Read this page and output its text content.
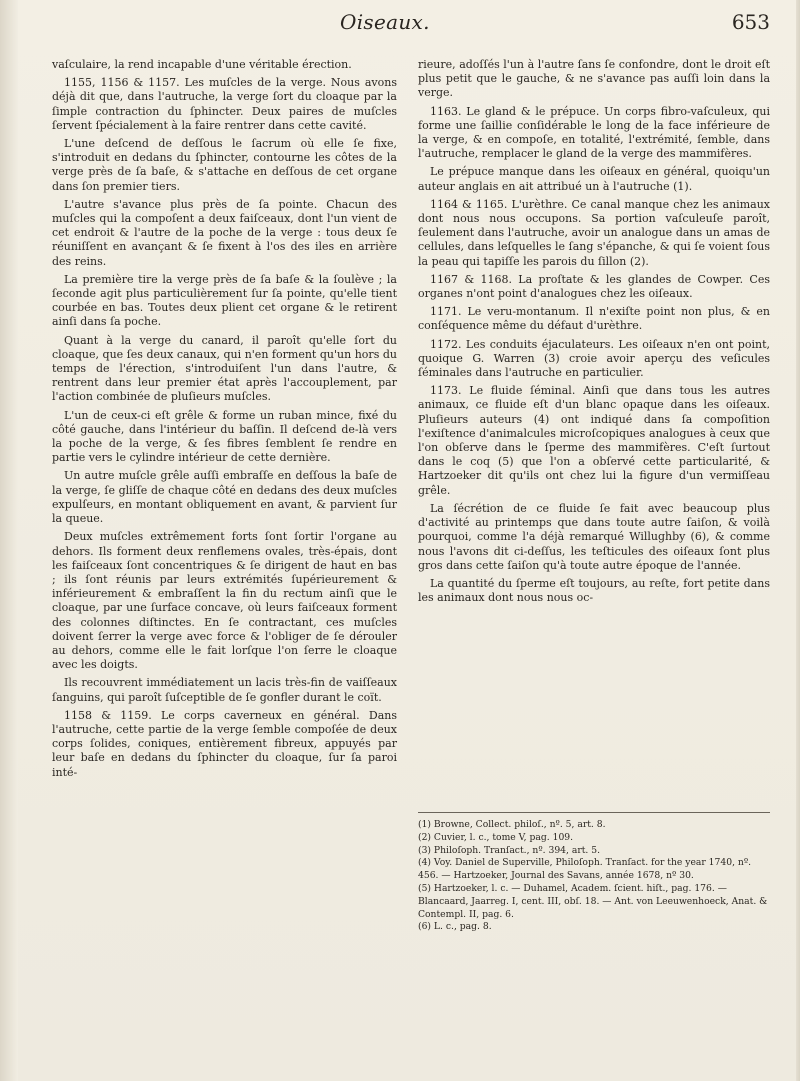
Oiseaux.	653

vaſculaire, la rend incapable d'une véritable érection.

1155, 1156 & 1157. Les muſcles de la verge. Nous avons déjà dit que, dans l'autruche, la verge ſort du cloaque par la ſimple contraction du ſphincter. Deux paires de muſcles ſervent ſpécialement à la faire rentrer dans cette cavité.

L'une deſcend de deſſous le ſacrum où elle ſe fixe, s'introduit en dedans du ſphincter, contourne les côtes de la verge près de ſa baſe, & s'attache en deſſous de cet organe dans ſon premier tiers.

L'autre s'avance plus près de ſa pointe. Chacun des muſcles qui la compoſent a deux faiſceaux, dont l'un vient de cet endroit & l'autre de la poche de la verge : tous deux ſe réuniſſent en avançant & ſe fixent à l'os des iles en arrière des reins.

La première tire la verge près de ſa baſe & la ſoulève ; la ſeconde agit plus particulièrement ſur ſa pointe, qu'elle tient courbée en bas. Toutes deux plient cet organe & le retirent ainſi dans ſa poche.

Quant à la verge du canard, il paroît qu'elle ſort du cloaque, que ſes deux canaux, qui n'en forment qu'un hors du temps de l'érection, s'introduiſent l'un dans l'autre, & rentrent dans leur premier état après l'accouplement, par l'action combinée de pluſieurs muſcles.

L'un de ceux-ci eſt grêle & forme un ruban mince, fixé du côté gauche, dans l'intérieur du baſſin. Il deſcend de-là vers la poche de la verge, & ſes fibres ſemblent ſe rendre en partie vers le cylindre intérieur de cette dernière.

Un autre muſcle grêle auſſi embraſſe en deſſous la baſe de la verge, ſe gliſſe de chaque côté en dedans des deux muſcles expulſeurs, en montant obliquement en avant, & parvient ſur la queue.

Deux muſcles extrêmement forts ſont ſortir l'organe au dehors. Ils forment deux renflemens ovales, très-épais, dont les faiſceaux ſont concentriques & ſe dirigent de haut en bas ; ils ſont réunis par leurs extrémités ſupérieurement & inférieurement & embraſſent la fin du rectum ainſi que le cloaque, par une ſurface concave, où leurs faiſceaux forment des colonnes diſtinctes. En ſe contractant, ces muſcles doivent ſerrer la verge avec force & l'obliger de ſe dérouler au dehors, comme elle le fait lorſque l'on ſerre le cloaque avec les doigts.

Ils recouvrent immédiatement un lacis très-fin de vaiſſeaux ſanguins, qui paroît ſuſceptible de ſe gonfler durant le coït.

1158 & 1159. Le corps caverneux en général. Dans l'autruche, cette partie de la verge ſemble compoſée de deux corps ſolides, coniques, entièrement fibreux, appuyés par leur baſe en dedans du ſphincter du cloaque, ſur ſa paroi inté-

rieure, adoſſés l'un à l'autre ſans ſe confondre, dont le droit eſt plus petit que le gauche, & ne s'avance pas auſſi loin dans la verge.

1163. Le gland & le prépuce. Un corps fibro-vaſculeux, qui forme une ſaillie conſidérable le long de la face inférieure de la verge, & en compoſe, en totalité, l'extrémité, ſemble, dans l'autruche, remplacer le gland de la verge des mammifères.

Le prépuce manque dans les oiſeaux en général, quoiqu'un auteur anglais en ait attribué un à l'autruche (1).

1164 & 1165. L'urèthre. Ce canal manque chez les animaux dont nous nous occupons. Sa portion vaſculeuſe paroît, ſeulement dans l'autruche, avoir un analogue dans un amas de cellules, dans leſquelles le ſang s'épanche, & qui ſe voient ſous la peau qui tapiſſe les parois du ſillon (2).

1167 & 1168. La proſtate & les glandes de Cowper. Ces organes n'ont point d'analogues chez les oiſeaux.

1171. Le veru-montanum. Il n'exiſte point non plus, & en conſéquence même du défaut d'urèthre.

1172. Les conduits éjaculateurs. Les oiſeaux n'en ont point, quoique G. Warren (3) croie avoir aperçu des veſicules ſéminales dans l'autruche en particulier.

1173. Le fluide ſéminal. Ainſi que dans tous les autres animaux, ce fluide eſt d'un blanc opaque dans les oiſeaux. Pluſieurs auteurs (4) ont indiqué dans ſa compoſition l'exiſtence d'animalcules microſcopiques analogues à ceux que l'on obſerve dans le ſperme des mammifères. C'eſt ſurtout dans le coq (5) que l'on a obſervé cette particularité, & Hartzoeker dit qu'ils ont chez lui la figure d'un vermiſſeau grêle.

La ſécrétion de ce fluide ſe fait avec beaucoup plus d'activité au printemps que dans toute autre ſaiſon, & voilà pourquoi, comme l'a déjà remarqué Willughby (6), & comme nous l'avons dit ci-deſſus, les teſticules des oiſeaux ſont plus gros dans cette ſaiſon qu'à toute autre époque de l'année.

La quantité du ſperme eſt toujours, au reſte, fort petite dans les animaux dont nous nous oc-

(1) Browne, Collect. philoſ., nº. 5, art. 8.
(2) Cuvier, l. c., tome V, pag. 109.
(3) Philoſoph. Tranſact., nº. 394, art. 5.
(4) Voy. Daniel de Superville, Philoſoph. Tranſact. for the year 1740, nº. 456. — Hartzoeker, Journal des Savans, année 1678, nº 30.
(5) Hartzoeker, l. c. — Duhamel, Academ. ſcient. hiſt., pag. 176. — Blancaard, Jaarreg. I, cent. III, obſ. 18. — Ant. von Leeuwenhoeck, Anat. & Contempl. II, pag. 6.
(6) L. c., pag. 8.
